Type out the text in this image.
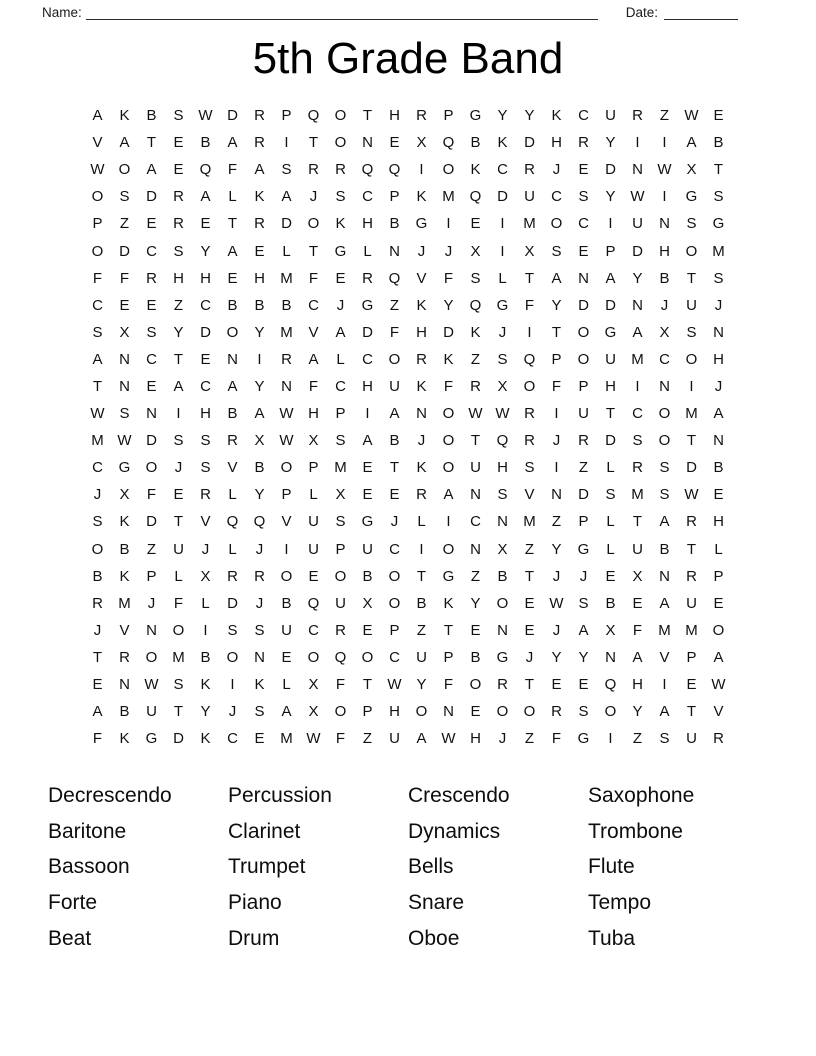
Name:	Date:
5th Grade Band
A	K	B	S W D	R	P	Q	O	T	H	R	P	G	Y	Y	K	C	U	R	Z	W E
V	A	T	E	B	A	R	I	T	O	N	E	X	Q	B	K	D	H	R	Y	I	I	A	B
W O	A	E	Q	F	A	S	R	R	Q	Q	I	O	K	C	R	J	E	D	N W X	T
O	S	D	R	A	L	K	A	J	S	C	P	K	M Q	D	U	C	S	Y W	I	G	S
P	Z	E	R	E	T	R	D	O	K	H	B	G	I	E	I	M O	C	I	U	N	S	G
O	D	C	S	Y	A	E	L	T	G	L	N	J	J	X	I	X	S	E	P	D	H	O M
F	F	R	H	H	E	H	M	F	E	R	Q	V	F	S	L	T	A	N	A	Y	B	T	S
C	E	E	Z	C	B	B	B	C	J	G	Z	K	Y	Q	G	F	Y	D	D	N	J	U	J
S	X	S	Y	D	O	Y	M	V	A	D	F	H	D	K	J	I	T	O	G	A	X	S	N
A	N	C	T	E	N	I	R	A	L	C	O	R	K	Z	S	Q	P	O	U	M	C	O	H
T	N	E	A	C	A	Y	N	F	C	H	U	K	F	R	X	O	F	P	H	I	N	I	J
W S	N	I	H	B	A W H	P	I	A	N	O W W R	I	U	T	C	O M	A
M W D	S	S	R	X W X	S	A	B	J	O	T	Q	R	J	R	D	S	O	T	N
C	G	O	J	S	V	B	O	P	M	E	T	K	O	U	H	S	I	Z	L	R	S	D	B
J	X	F	E	R	L	Y	P	L	X	E	E	R	A	N	S	V	N	D	S	M	S W E
S	K	D	T	V	Q	Q	V	U	S	G	J	L	I	C	N	M	Z	P	L	T	A	R	H
O	B	Z	U	J	L	J	I	U	P	U	C	I	O	N	X	Z	Y	G	L	U	B	T	L
B	K	P	L	X	R	R	O	E	O	B	O	T	G	Z	B	T	J	J	E	X	N	R	P
R	M	J	F	L	D	J	B	Q	U	X	O	B	K	Y	O	E W S	B	E	A	U	E
J	V	N	O	I	S	S	U	C	R	E	P	Z	T	E	N	E	J	A	X	F	M M O
T	R	O M	B	O	N	E	O	Q	O	C	U	P	B	G	J	Y	Y	N	A	V	P	A
E	N W S	K	I	K	L	X	F	T	W Y	F	O	R	T	E	E	Q	H	I	E W
A	B	U	T	Y	J	S	A	X	O	P	H	O	N	E	O	O	R	S	O	Y	A	T	V
F	K	G	D	K	C	E	M W	F	Z	U	A W H	J	Z	F	G	I	Z	S	U	R
Decrescendo
Baritone
Bassoon
Forte
Beat
Percussion
Clarinet
Trumpet
Piano
Drum
Crescendo
Dynamics
Bells
Snare
Oboe
Saxophone
Trombone
Flute
Tempo
Tuba
